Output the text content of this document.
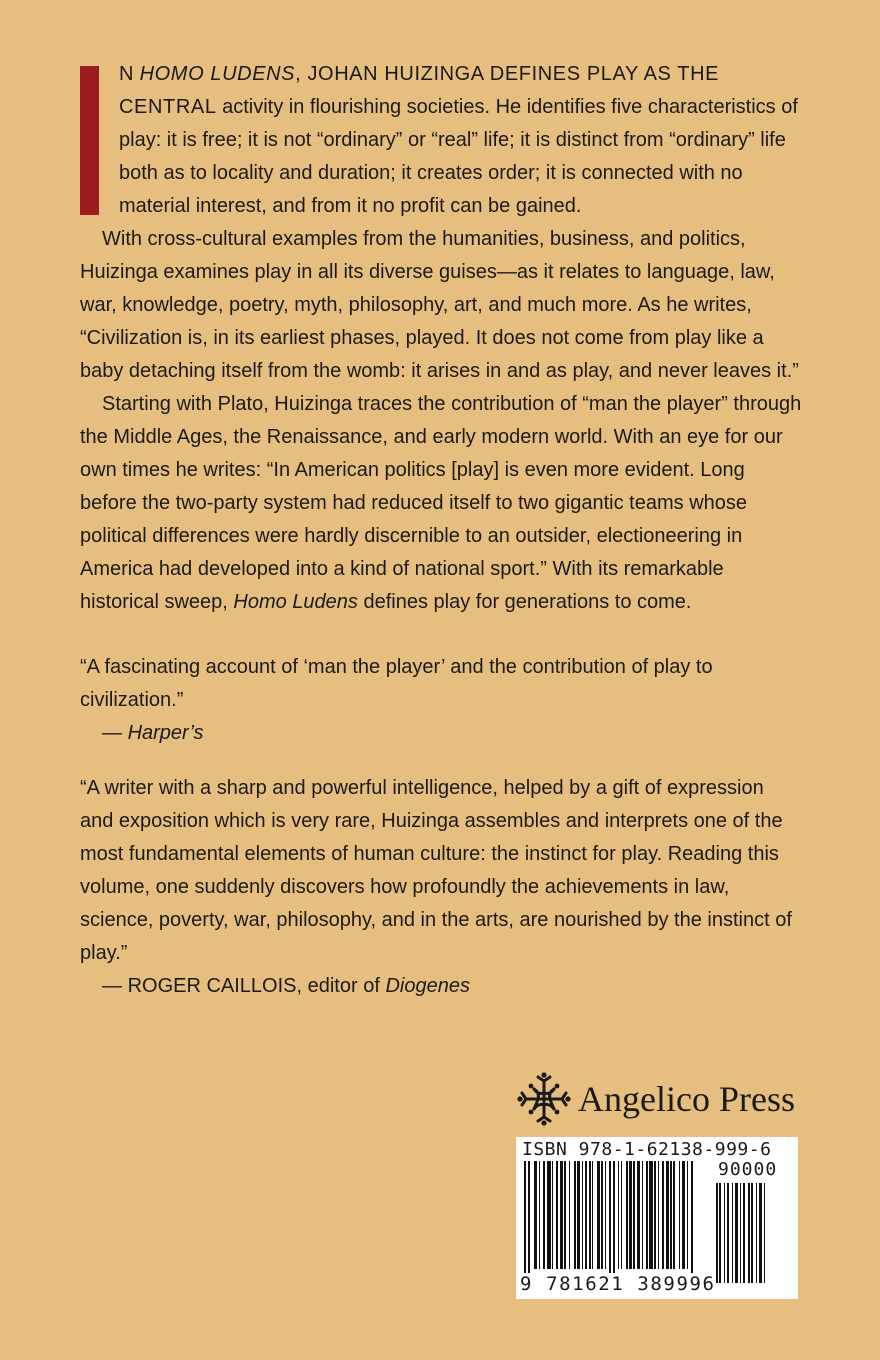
N HOMO LUDENS, JOHAN HUIZINGA DEFINES PLAY AS THE CENTRAL activity in flourishing societies. He identifies five characteristics of play: it is free; it is not “ordinary” or “real” life; it is distinct from “ordinary” life both as to locality and duration; it creates order; it is connected with no material interest, and from it no profit can be gained.

With cross-cultural examples from the humanities, business, and politics, Huizinga examines play in all its diverse guises—as it relates to language, law, war, knowledge, poetry, myth, philosophy, art, and much more. As he writes, “Civilization is, in its earliest phases, played. It does not come from play like a baby detaching itself from the womb: it arises in and as play, and never leaves it.”

Starting with Plato, Huizinga traces the contribution of “man the player” through the Middle Ages, the Renaissance, and early modern world. With an eye for our own times he writes: “In American politics [play] is even more evident. Long before the two-party system had reduced itself to two gigantic teams whose political differences were hardly discernible to an outsider, electioneering in America had developed into a kind of national sport.” With its remarkable historical sweep, Homo Ludens defines play for generations to come.

“A fascinating account of ‘man the player’ and the contribution of play to civilization.”

— Harper’s

“A writer with a sharp and powerful intelligence, helped by a gift of expression and exposition which is very rare, Huizinga assembles and interprets one of the most fundamental elements of human culture: the instinct for play. Reading this volume, one suddenly discovers how profoundly the achievements in law, science, poverty, war, philosophy, and in the arts, are nourished by the instinct of play.”

— ROGER CAILLOIS, editor of Diogenes

Angelico Press
ISBN 978-1-62138-999-6
90000
9 781621 389996
